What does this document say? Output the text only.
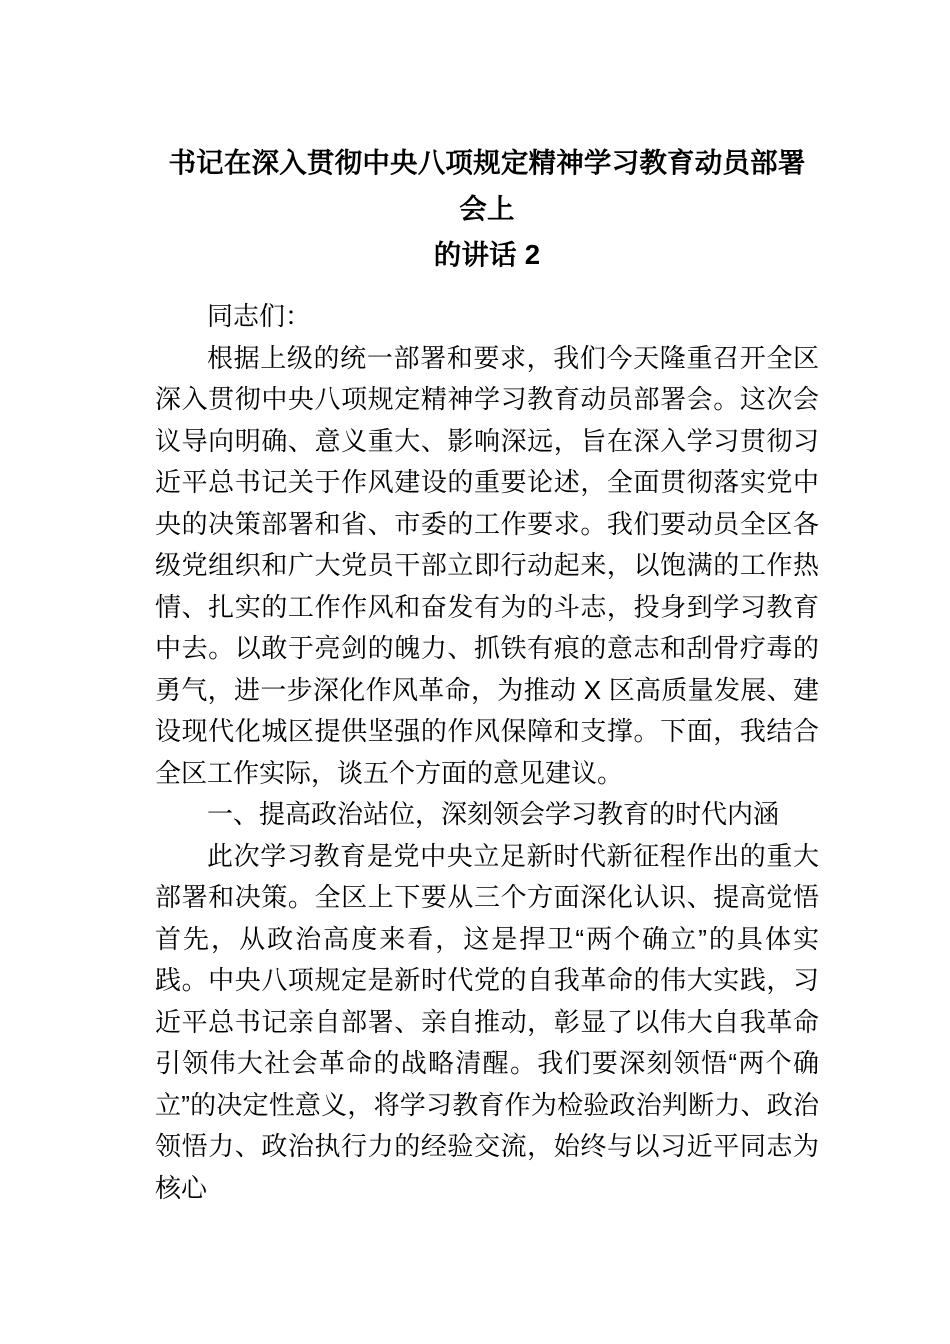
书记在深入贯彻中央八项规定精神学习教育动员部署会上
的讲话 2

同志们：

根据上级的统一部署和要求，我们今天隆重召开全区深入贯彻中央八项规定精神学习教育动员部署会。这次会议导向明确、意义重大、影响深远，旨在深入学习贯彻习近平总书记关于作风建设的重要论述，全面贯彻落实党中央的决策部署和省、市委的工作要求。我们要动员全区各级党组织和广大党员干部立即行动起来，以饱满的工作热情、扎实的工作作风和奋发有为的斗志，投身到学习教育中去。以敢于亮剑的魄力、抓铁有痕的意志和刮骨疗毒的勇气，进一步深化作风革命，为推动 X 区高质量发展、建设现代化城区提供坚强的作风保障和支撑。下面，我结合全区工作实际，谈五个方面的意见建议。

一、提高政治站位，深刻领会学习教育的时代内涵

此次学习教育是党中央立足新时代新征程作出的重大部署和决策。全区上下要从三个方面深化认识、提高觉悟首先，从政治高度来看，这是捍卫“两个确立”的具体实践。中央八项规定是新时代党的自我革命的伟大实践，习近平总书记亲自部署、亲自推动，彰显了以伟大自我革命引领伟大社会革命的战略清醒。我们要深刻领悟“两个确立”的决定性意义，将学习教育作为检验政治判断力、政治领悟力、政治执行力的经验交流，始终与以习近平同志为核心
